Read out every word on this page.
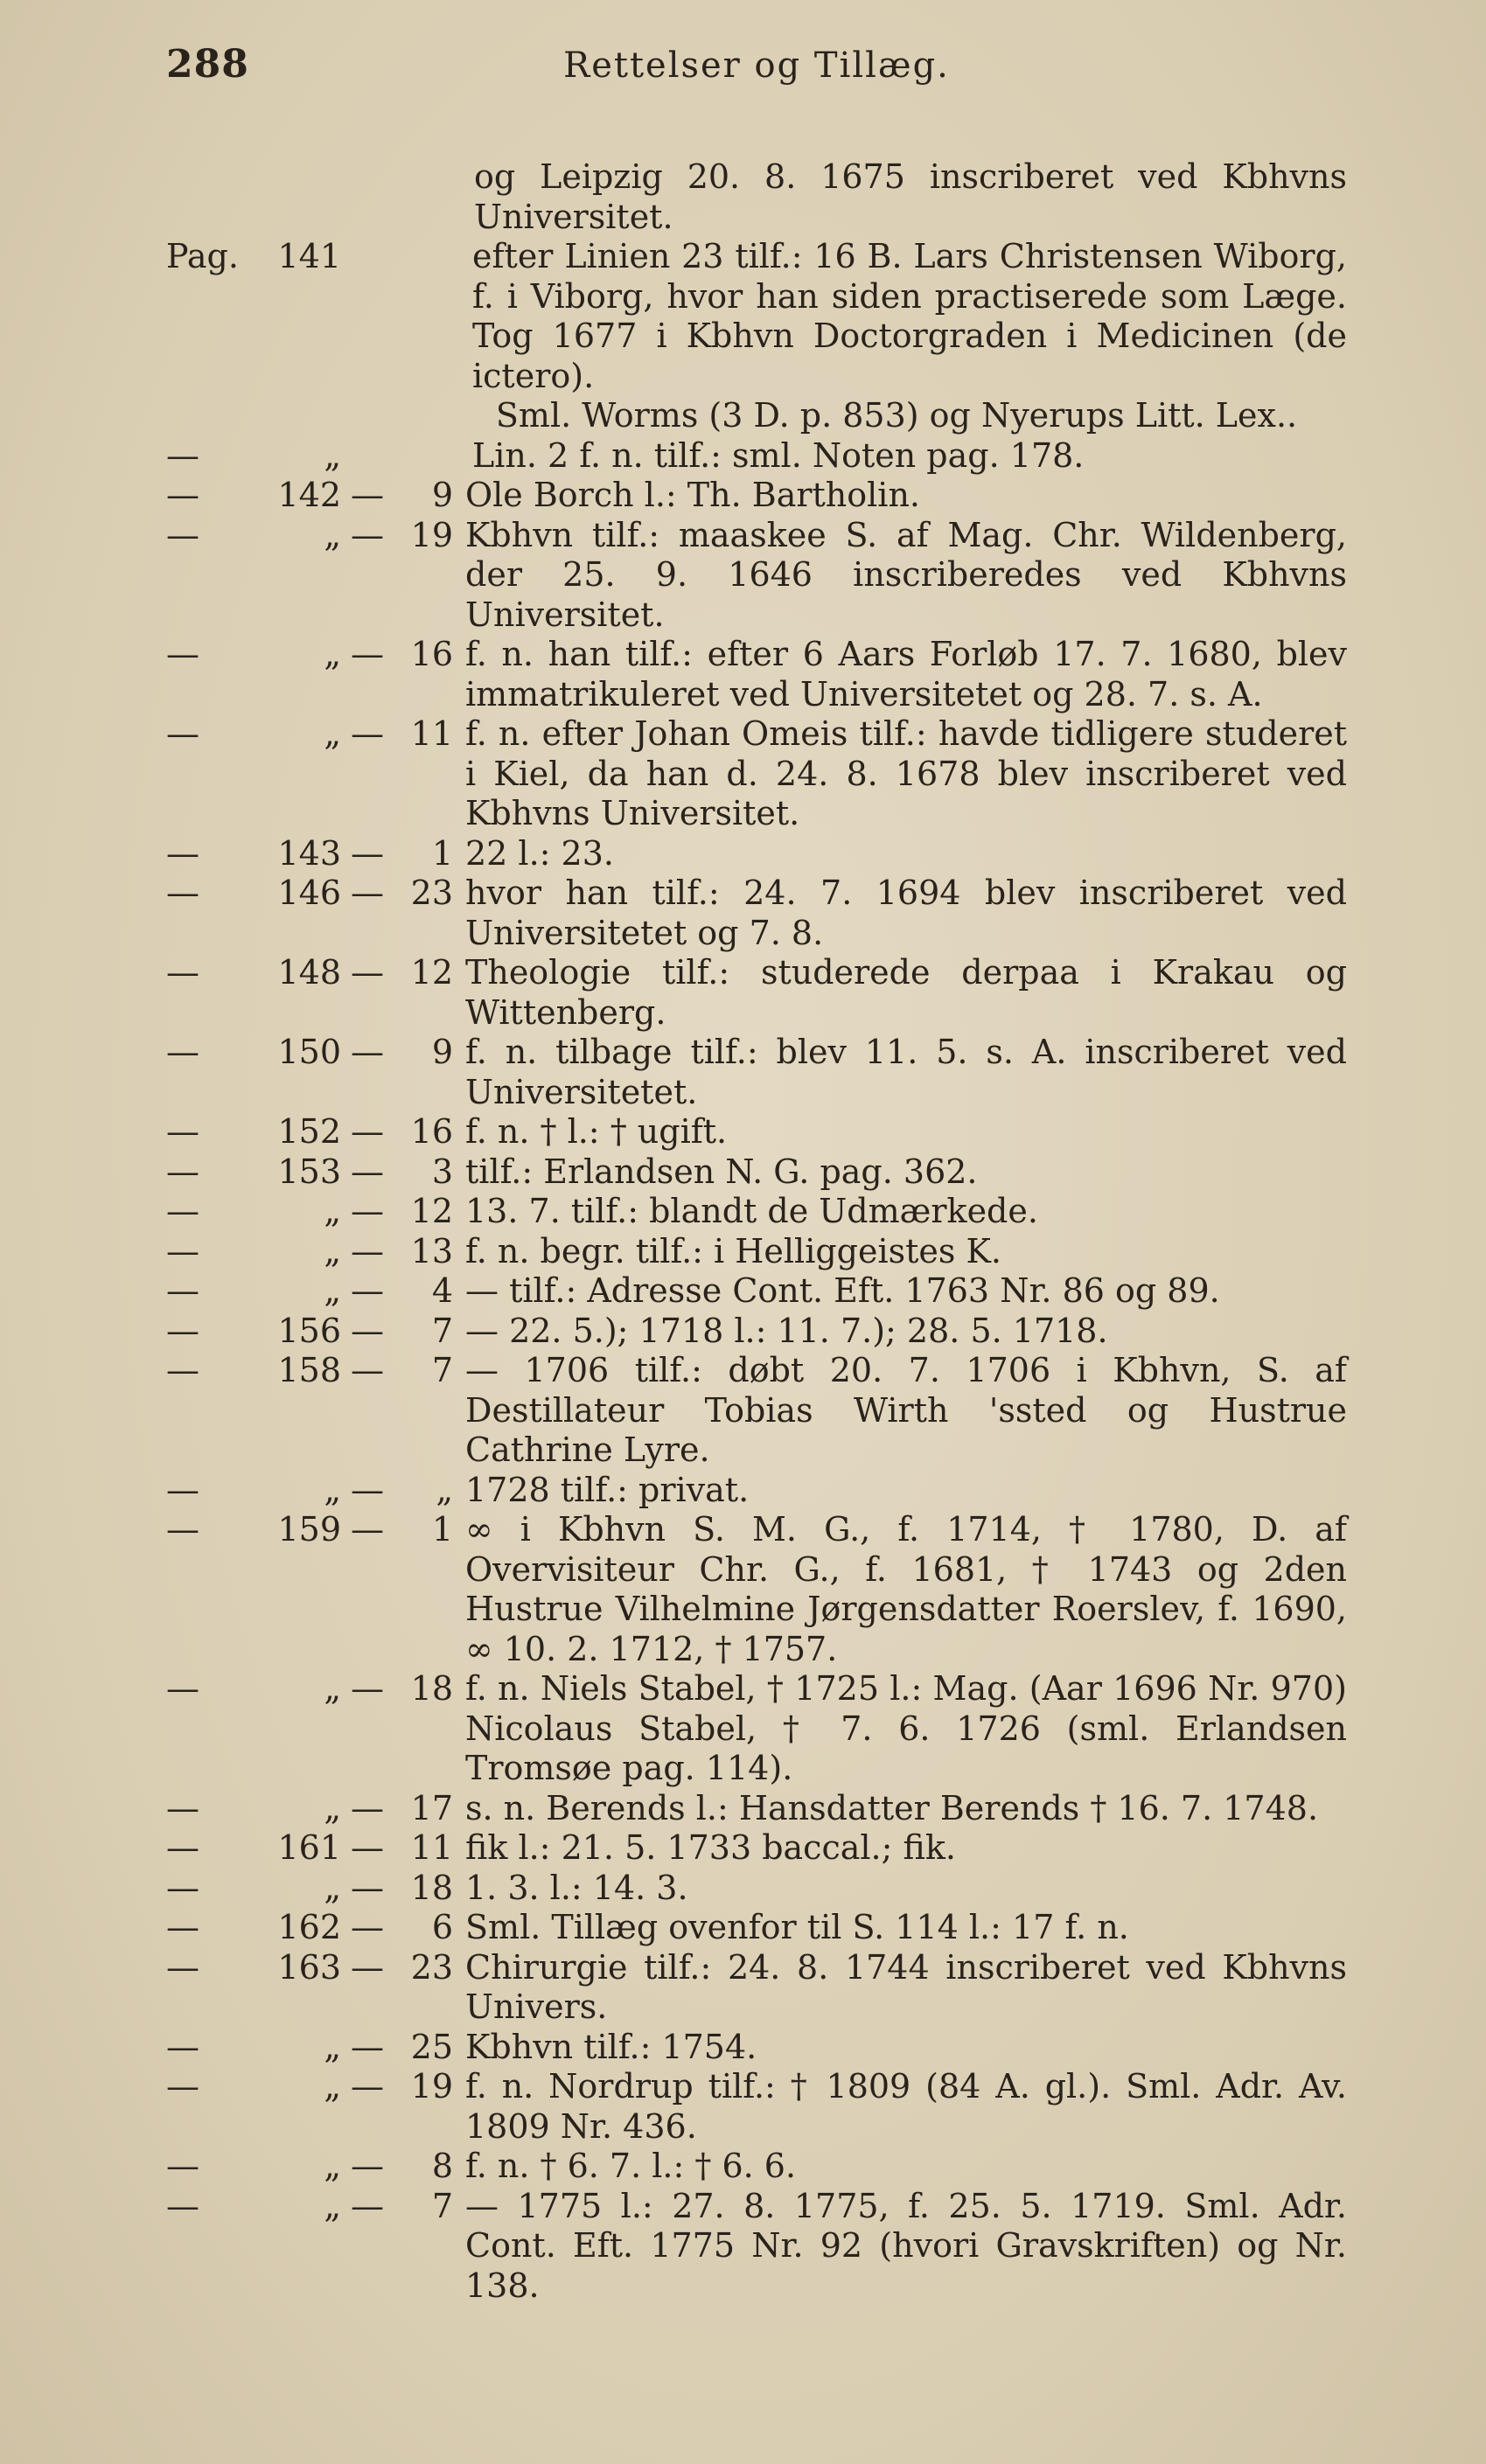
288	Rettelser og Tillæg.
og Leipzig 20. 8. 1675 inscriberet ved Kbhvns Universitet.
Pag.	141	efter Linien 23 tilf.: 16 B. Lars Christensen Wiborg, f. i Viborg, hvor han siden practiserede som Læge. Tog 1677 i Kbhvn Doctorgraden i Medicinen (de ictero).
Sml. Worms (3 D. p. 853) og Nyerups Litt. Lex..
—	„	Lin. 2 f. n. tilf.: sml. Noten pag. 178.
—	142 —	9 Ole Borch l.: Th. Bartholin.
—	„ — 19 Kbhvn tilf.: maaskee S. af Mag. Chr. Wildenberg, der 25. 9. 1646 inscriberedes ved Kbhvns Universitet.
—	„ — 16 f. n. han tilf.: efter 6 Aars Forløb 17. 7. 1680, blev immatrikuleret ved Universitetet og 28. 7. s. A.
—	„ — 11 f. n. efter Johan Omeis tilf.: havde tidligere studeret i Kiel, da han d. 24. 8. 1678 blev inscriberet ved Kbhvns Universitet.
—	143 —	1 22 l.: 23.
—	146 — 23 hvor han tilf.: 24. 7. 1694 blev inscriberet ved Universitetet og 7. 8.
—	148 — 12 Theologie tilf.: studerede derpaa i Krakau og Wittenberg.
—	150 —	9 f. n. tilbage tilf.: blev 11. 5. s. A. inscriberet ved Universitetet.
—	152 — 16 f. n. † l.: † ugift.
—	153 —	3 tilf.: Erlandsen N. G. pag. 362.
—	„ — 12 13. 7. tilf.: blandt de Udmærkede.
—	„ — 13 f. n. begr. tilf.: i Helliggeistes K.
—	„ —	4 — tilf.: Adresse Cont. Eft. 1763 Nr. 86 og 89.
—	156 —	7 — 22. 5.); 1718 l.: 11. 7.); 28. 5. 1718.
—	158 —	7 — 1706 tilf.: døbt 20. 7. 1706 i Kbhvn, S. af Destillateur Tobias Wirth 'ssted og Hustrue Cathrine Lyre.
—	„ —	„ 1728 tilf.: privat.
—	159 —	1 ∞ i Kbhvn S. M. G., f. 1714, † 1780, D. af Overvisiteur Chr. G., f. 1681, † 1743 og 2den Hustrue Vilhelmine Jørgensdatter Roerslev, f. 1690, ∞ 10. 2. 1712, † 1757.
—	„ — 18 f. n. Niels Stabel, † 1725 l.: Mag. (Aar 1696 Nr. 970) Nicolaus Stabel, † 7. 6. 1726 (sml. Erlandsen Tromsøe pag. 114).
—	„ — 17 s. n. Berends l.: Hansdatter Berends † 16. 7. 1748.
—	161 — 11 fik l.: 21. 5. 1733 baccal.; fik.
—	„ — 18 1. 3. l.: 14. 3.
—	162 —	6 Sml. Tillæg ovenfor til S. 114 l.: 17 f. n.
—	163 — 23 Chirurgie tilf.: 24. 8. 1744 inscriberet ved Kbhvns Univers.
—	„ — 25 Kbhvn tilf.: 1754.
—	„ — 19 f. n. Nordrup tilf.: † 1809 (84 A. gl.). Sml. Adr. Av. 1809 Nr. 436.
—	„ —	8 f. n. † 6. 7. l.: † 6. 6.
—	„ —	7 — 1775 l.: 27. 8. 1775, f. 25. 5. 1719. Sml. Adr. Cont. Eft. 1775 Nr. 92 (hvori Gravskriften) og Nr. 138.
